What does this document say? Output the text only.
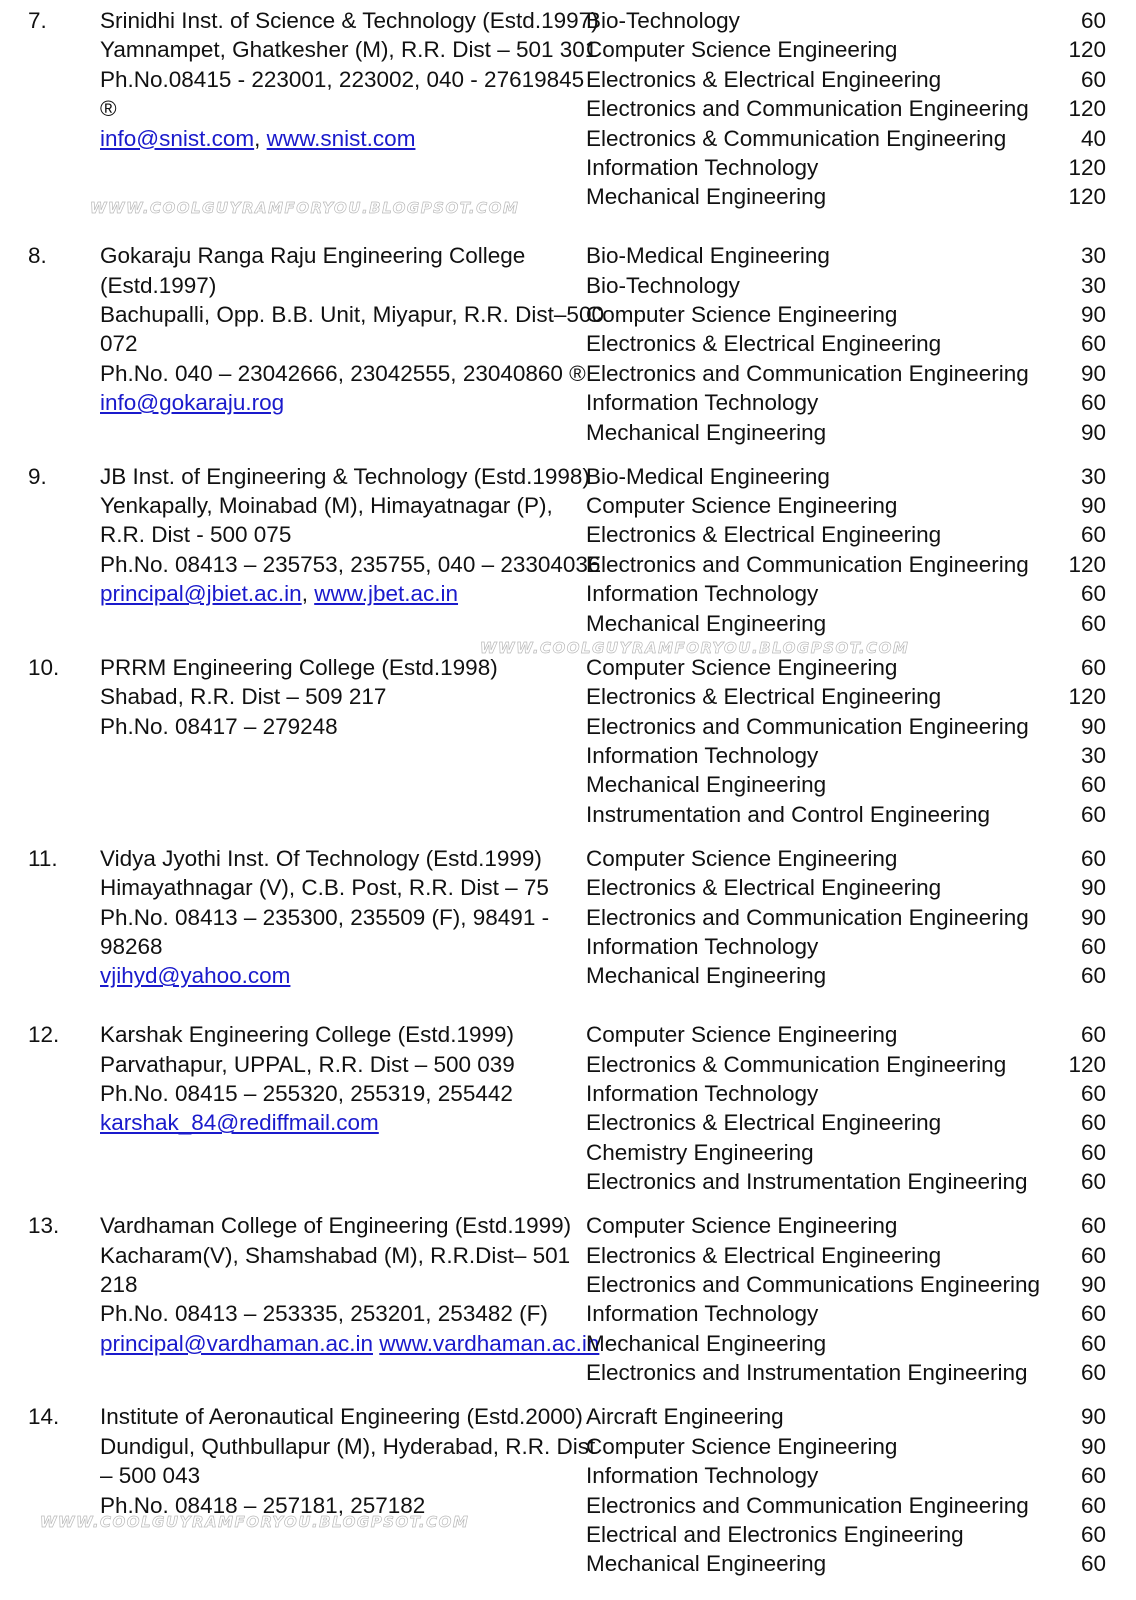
7.	Srinidhi Inst. of Science & Technology (Estd.1997)
Yamnampet, Ghatkesher (M), R.R. Dist – 501 301
Ph.No.08415 - 223001, 223002, 040 - 27619845
®
info@snist.com, www.snist.com
Bio-Technology	60
Computer Science Engineering	120
Electronics & Electrical Engineering	60
Electronics and Communication Engineering	120
Electronics & Communication Engineering	40
Information Technology	120
Mechanical Engineering	120
8.	Gokaraju Ranga Raju Engineering College
(Estd.1997)
Bachupalli, Opp. B.B. Unit, Miyapur, R.R. Dist–500
072
Ph.No. 040 – 23042666, 23042555, 23040860 ®
info@gokaraju.rog
Bio-Medical Engineering	30
Bio-Technology	30
Computer Science Engineering	90
Electronics & Electrical Engineering	60
Electronics and Communication Engineering	90
Information Technology	60
Mechanical Engineering	90
9.	JB Inst. of Engineering & Technology (Estd.1998)
Yenkapally, Moinabad (M), Himayatnagar (P),
R.R. Dist - 500 075
Ph.No. 08413 – 235753, 235755, 040 – 23304036
principal@jbiet.ac.in, www.jbet.ac.in
Bio-Medical Engineering	30
Computer Science Engineering	90
Electronics & Electrical Engineering	60
Electronics and Communication Engineering	120
Information Technology	60
Mechanical Engineering	60
10.	PRRM Engineering College (Estd.1998)
Shabad, R.R. Dist – 509 217
Ph.No. 08417 – 279248
Computer Science Engineering	60
Electronics & Electrical Engineering	120
Electronics and Communication Engineering	90
Information Technology	30
Mechanical Engineering	60
Instrumentation and Control Engineering	60
11.	Vidya Jyothi Inst. Of Technology (Estd.1999)
Himayathnagar (V), C.B. Post, R.R. Dist – 75
Ph.No. 08413 – 235300, 235509 (F), 98491 -
98268
vjihyd@yahoo.com
Computer Science Engineering	60
Electronics & Electrical Engineering	90
Electronics and Communication Engineering	90
Information Technology	60
Mechanical Engineering	60
12.	Karshak Engineering College (Estd.1999)
Parvathapur, UPPAL, R.R. Dist – 500 039
Ph.No. 08415 – 255320, 255319, 255442
karshak_84@rediffmail.com
Computer Science Engineering	60
Electronics & Communication Engineering	120
Information Technology	60
Electronics & Electrical Engineering	60
Chemistry Engineering	60
Electronics and Instrumentation Engineering	60
13.	Vardhaman College of Engineering (Estd.1999)
Kacharam(V), Shamshabad (M), R.R.Dist– 501
218
Ph.No. 08413 – 253335, 253201, 253482 (F)
principal@vardhaman.ac.in www.vardhaman.ac.in
Computer Science Engineering	60
Electronics & Electrical Engineering	60
Electronics and Communications Engineering	90
Information Technology	60
Mechanical Engineering	60
Electronics and Instrumentation Engineering	60
14.	Institute of Aeronautical Engineering (Estd.2000)
Dundigul, Quthbullapur (M), Hyderabad, R.R. Dist
– 500 043
Ph.No. 08418 – 257181, 257182
Aircraft Engineering	90
Computer Science Engineering	90
Information Technology	60
Electronics and Communication Engineering	60
Electrical and Electronics Engineering	60
Mechanical Engineering	60
WWW.COOLGUYRAMFORYOU.BLOGPSOT.COM
WWW.COOLGUYRAMFORYOU.BLOGPSOT.COM
WWW.COOLGUYRAMFORYOU.BLOGPSOT.COM
